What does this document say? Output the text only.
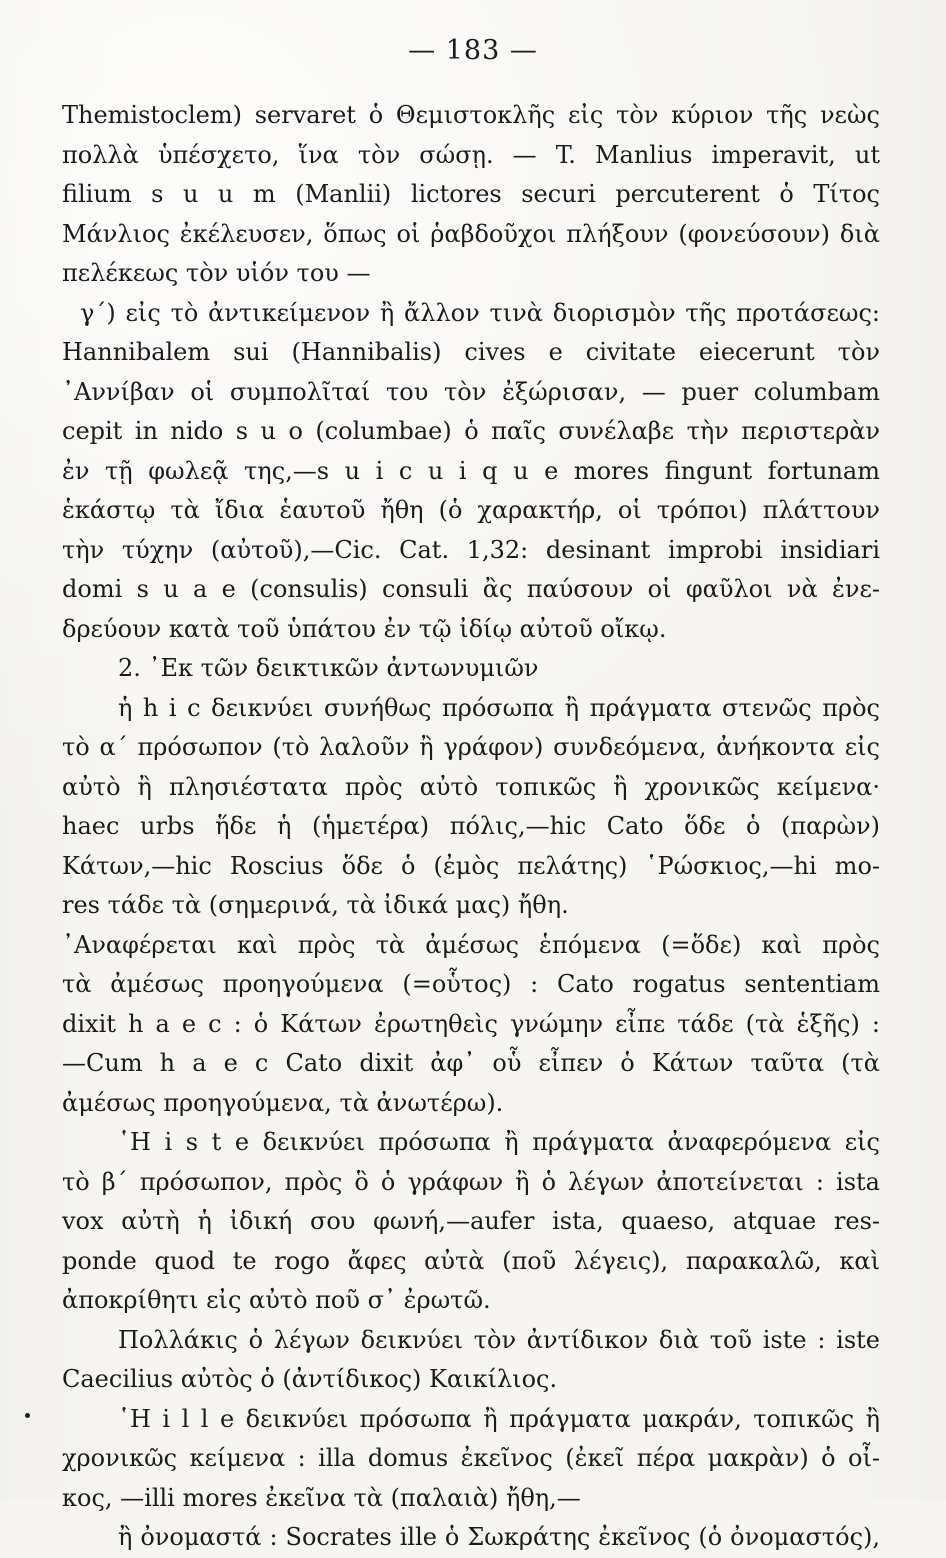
— 183 —
Themistoclem) servaret ὁ Θεμιστοκλῆς εἰς τὸν κύριον τῆς νεὼς
πολλὰ ὑπέσχετο, ἵνα τὸν σώσῃ. — T. Manlius imperavit, ut
filium s u u m (Manlii) lictores securi percuterent ὁ Τίτος
Μάνλιος ἐκέλευσεν, ὅπως οἱ ῥαβδοῦχοι πλήξουν (φονεύσουν) διὰ
πελέκεως τὸν υἱόν του —
γ΄) εἰς τὸ ἀντικείμενον ἢ ἄλλον τινὰ διορισμὸν τῆς προτάσεως:
Hannibalem sui (Hannibalis) cives e civitate eiecerunt τὸν
᾿Αννίβαν οἱ συμπολῖταί του τὸν ἐξώρισαν, — puer columbam
cepit in nido s u o (columbae) ὁ παῖς συνέλαβε τὴν περιστερὰν
ἐν τῇ φωλεᾷ της,—s u i c u i q u e mores fingunt fortunam
ἑκάστῳ τὰ ἴδια ἑαυτοῦ ἤθη (ὁ χαρακτήρ, οἱ τρόποι) πλάττουν
τὴν τύχην (αὐτοῦ),—Cic. Cat. 1,32: desinant improbi insidiari
domi s u a e (consulis) consuli ἂς παύσουν οἱ φαῦλοι νὰ ἐνε-
δρεύουν κατὰ τοῦ ὑπάτου ἐν τῷ ἰδίῳ αὐτοῦ οἴκῳ.
2. ᾿Εκ τῶν δεικτικῶν ἀντωνυμιῶν
ἡ h i c δεικνύει συνήθως πρόσωπα ἢ πράγματα στενῶς πρὸς
τὸ α΄ πρόσωπον (τὸ λαλοῦν ἢ γράφον) συνδεόμενα, ἀνήκοντα εἰς
αὐτὸ ἢ πλησιέστατα πρὸς αὐτὸ τοπικῶς ἢ χρονικῶς κείμενα·
haec urbs ἥδε ἡ (ἡμετέρα) πόλις,—hic Cato ὅδε ὁ (παρὼν)
Κάτων,—hic Roscius ὅδε ὁ (ἐμὸς πελάτης) ῾Ρώσκιος,—hi mo-
res τάδε τὰ (σημερινά, τὰ ἰδικά μας) ἤθη.
᾿Αναφέρεται καὶ πρὸς τὰ ἀμέσως ἑπόμενα (=ὅδε) καὶ πρὸς
τὰ ἀμέσως προηγούμενα (=οὗτος) : Cato rogatus sententiam
dixit h a e c : ὁ Κάτων ἐρωτηθεὶς γνώμην εἶπε τάδε (τὰ ἑξῆς) :
—Cum h a e c Cato dixit ἀφ᾿ οὗ εἶπεν ὁ Κάτων ταῦτα (τὰ
ἀμέσως προηγούμενα, τὰ ἀνωτέρω).
῾Η i s t e δεικνύει πρόσωπα ἢ πράγματα ἀναφερόμενα εἰς
τὸ β΄ πρόσωπον, πρὸς ὃ ὁ γράφων ἢ ὁ λέγων ἀποτείνεται : ista
vox αὐτὴ ἡ ἰδική σου φωνή,—aufer ista, quaeso, atquae res-
ponde quod te rogo ἄφες αὐτὰ (ποῦ λέγεις), παρακαλῶ, καὶ
ἀποκρίθητι εἰς αὐτὸ ποῦ σ᾿ ἐρωτῶ.
Πολλάκις ὁ λέγων δεικνύει τὸν ἀντίδικον διὰ τοῦ iste : iste
Caecilius αὐτὸς ὁ (ἀντίδικος) Καικίλιος.
῾Η i l l e δεικνύει πρόσωπα ἢ πράγματα μακράν, τοπικῶς ἢ
χρονικῶς κείμενα : illa domus ἐκεῖνος (ἐκεῖ πέρα μακρὰν) ὁ οἶ-
κος, —illi mores ἐκεῖνα τὰ (παλαιὰ) ἤθη,—
ἢ ὀνομαστά : Socrates ille ὁ Σωκράτης ἐκεῖνος (ὁ ὀνομαστός),
